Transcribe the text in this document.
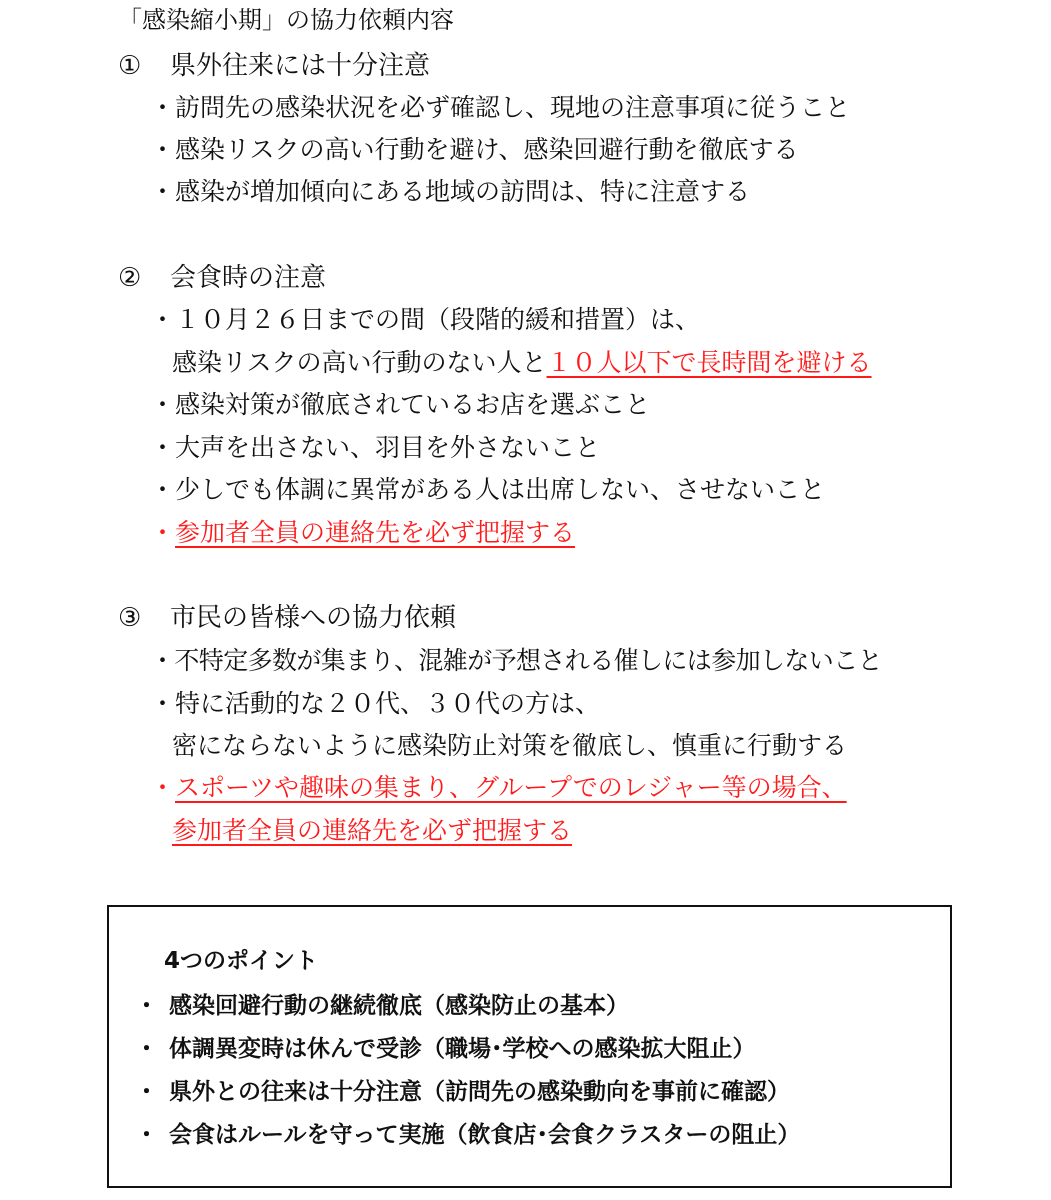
「感染縮小期」の協力依頼内容
① 県外往来には十分注意
・訪問先の感染状況を必ず確認し、現地の注意事項に従うこと
・感染リスクの高い行動を避け、感染回避行動を徹底する
・感染が増加傾向にある地域の訪問は、特に注意する
② 会食時の注意
・１０月２６日までの間（段階的緩和措置）は、
感染リスクの高い行動のない人と１０人以下で長時間を避ける
・感染対策が徹底されているお店を選ぶこと
・大声を出さない、羽目を外さないこと
・少しでも体調に異常がある人は出席しない、させないこと
・参加者全員の連絡先を必ず把握する
③ 市民の皆様への協力依頼
・不特定多数が集まり、混雑が予想される催しには参加しないこと
・特に活動的な２０代、３０代の方は、
密にならないように感染防止対策を徹底し、慎重に行動する
・スポーツや趣味の集まり、グループでのレジャー等の場合、
参加者全員の連絡先を必ず把握する
4つのポイント
・ 感染回避行動の継続徹底（感染防止の基本）
・ 体調異変時は休んで受診（職場･学校への感染拡大阻止）
・ 県外との往来は十分注意（訪問先の感染動向を事前に確認）
・ 会食はルールを守って実施（飲食店･会食クラスターの阻止）
